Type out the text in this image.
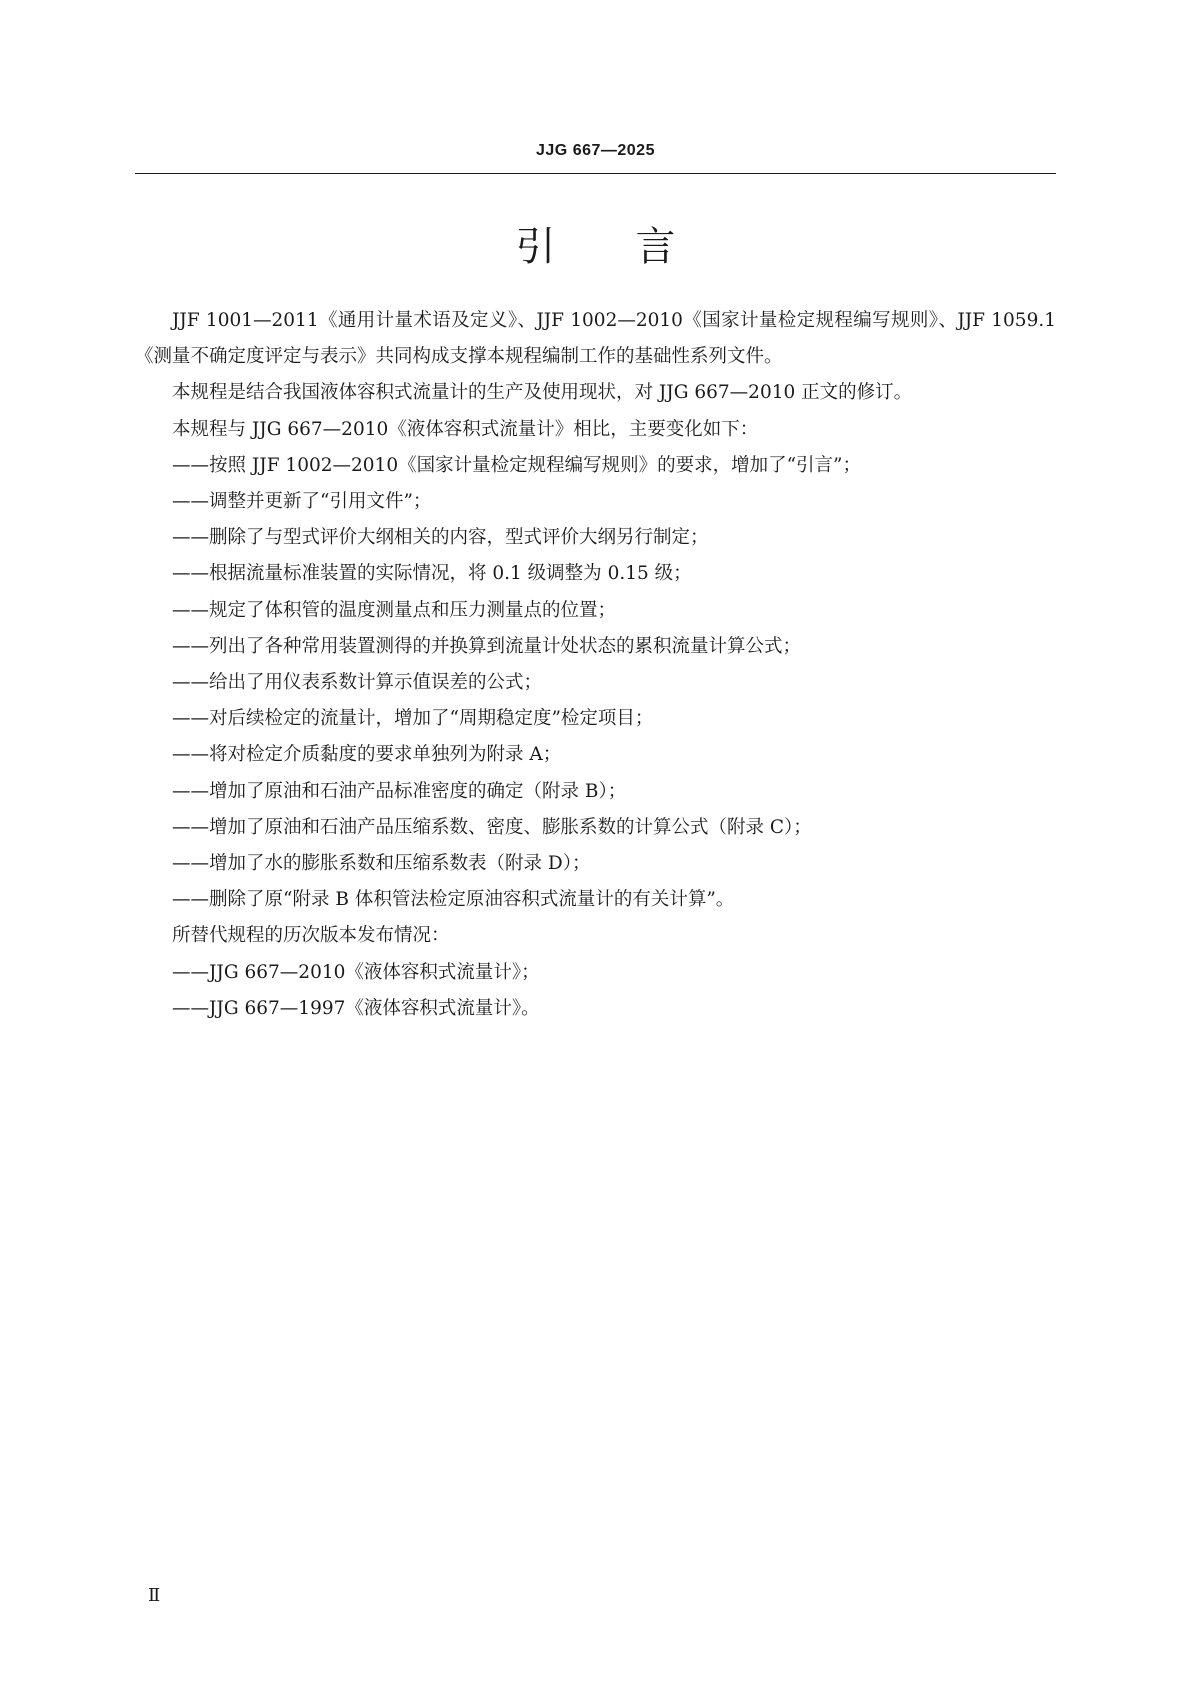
JJG 667—2025
引 言

JJF 1001—2011《通用计量术语及定义》、JJF 1002—2010《国家计量检定规程编写规则》、JJF 1059.1《测量不确定度评定与表示》共同构成支撑本规程编制工作的基础性系列文件。

本规程是结合我国液体容积式流量计的生产及使用现状，对 JJG 667—2010 正文的修订。

本规程与 JJG 667—2010《液体容积式流量计》相比，主要变化如下：

——按照 JJF 1002—2010《国家计量检定规程编写规则》的要求，增加了“引言”；

——调整并更新了“引用文件”；

——删除了与型式评价大纲相关的内容，型式评价大纲另行制定；

——根据流量标准装置的实际情况，将 0.1 级调整为 0.15 级；

——规定了体积管的温度测量点和压力测量点的位置；

——列出了各种常用装置测得的并换算到流量计处状态的累积流量计算公式；

——给出了用仪表系数计算示值误差的公式；

——对后续检定的流量计，增加了“周期稳定度”检定项目；

——将对检定介质黏度的要求单独列为附录 A；

——增加了原油和石油产品标准密度的确定（附录 B）；

——增加了原油和石油产品压缩系数、密度、膨胀系数的计算公式（附录 C）；

——增加了水的膨胀系数和压缩系数表（附录 D）；

——删除了原“附录 B 体积管法检定原油容积式流量计的有关计算”。

所替代规程的历次版本发布情况：

——JJG 667—2010《液体容积式流量计》；

——JJG 667—1997《液体容积式流量计》。

Ⅱ
